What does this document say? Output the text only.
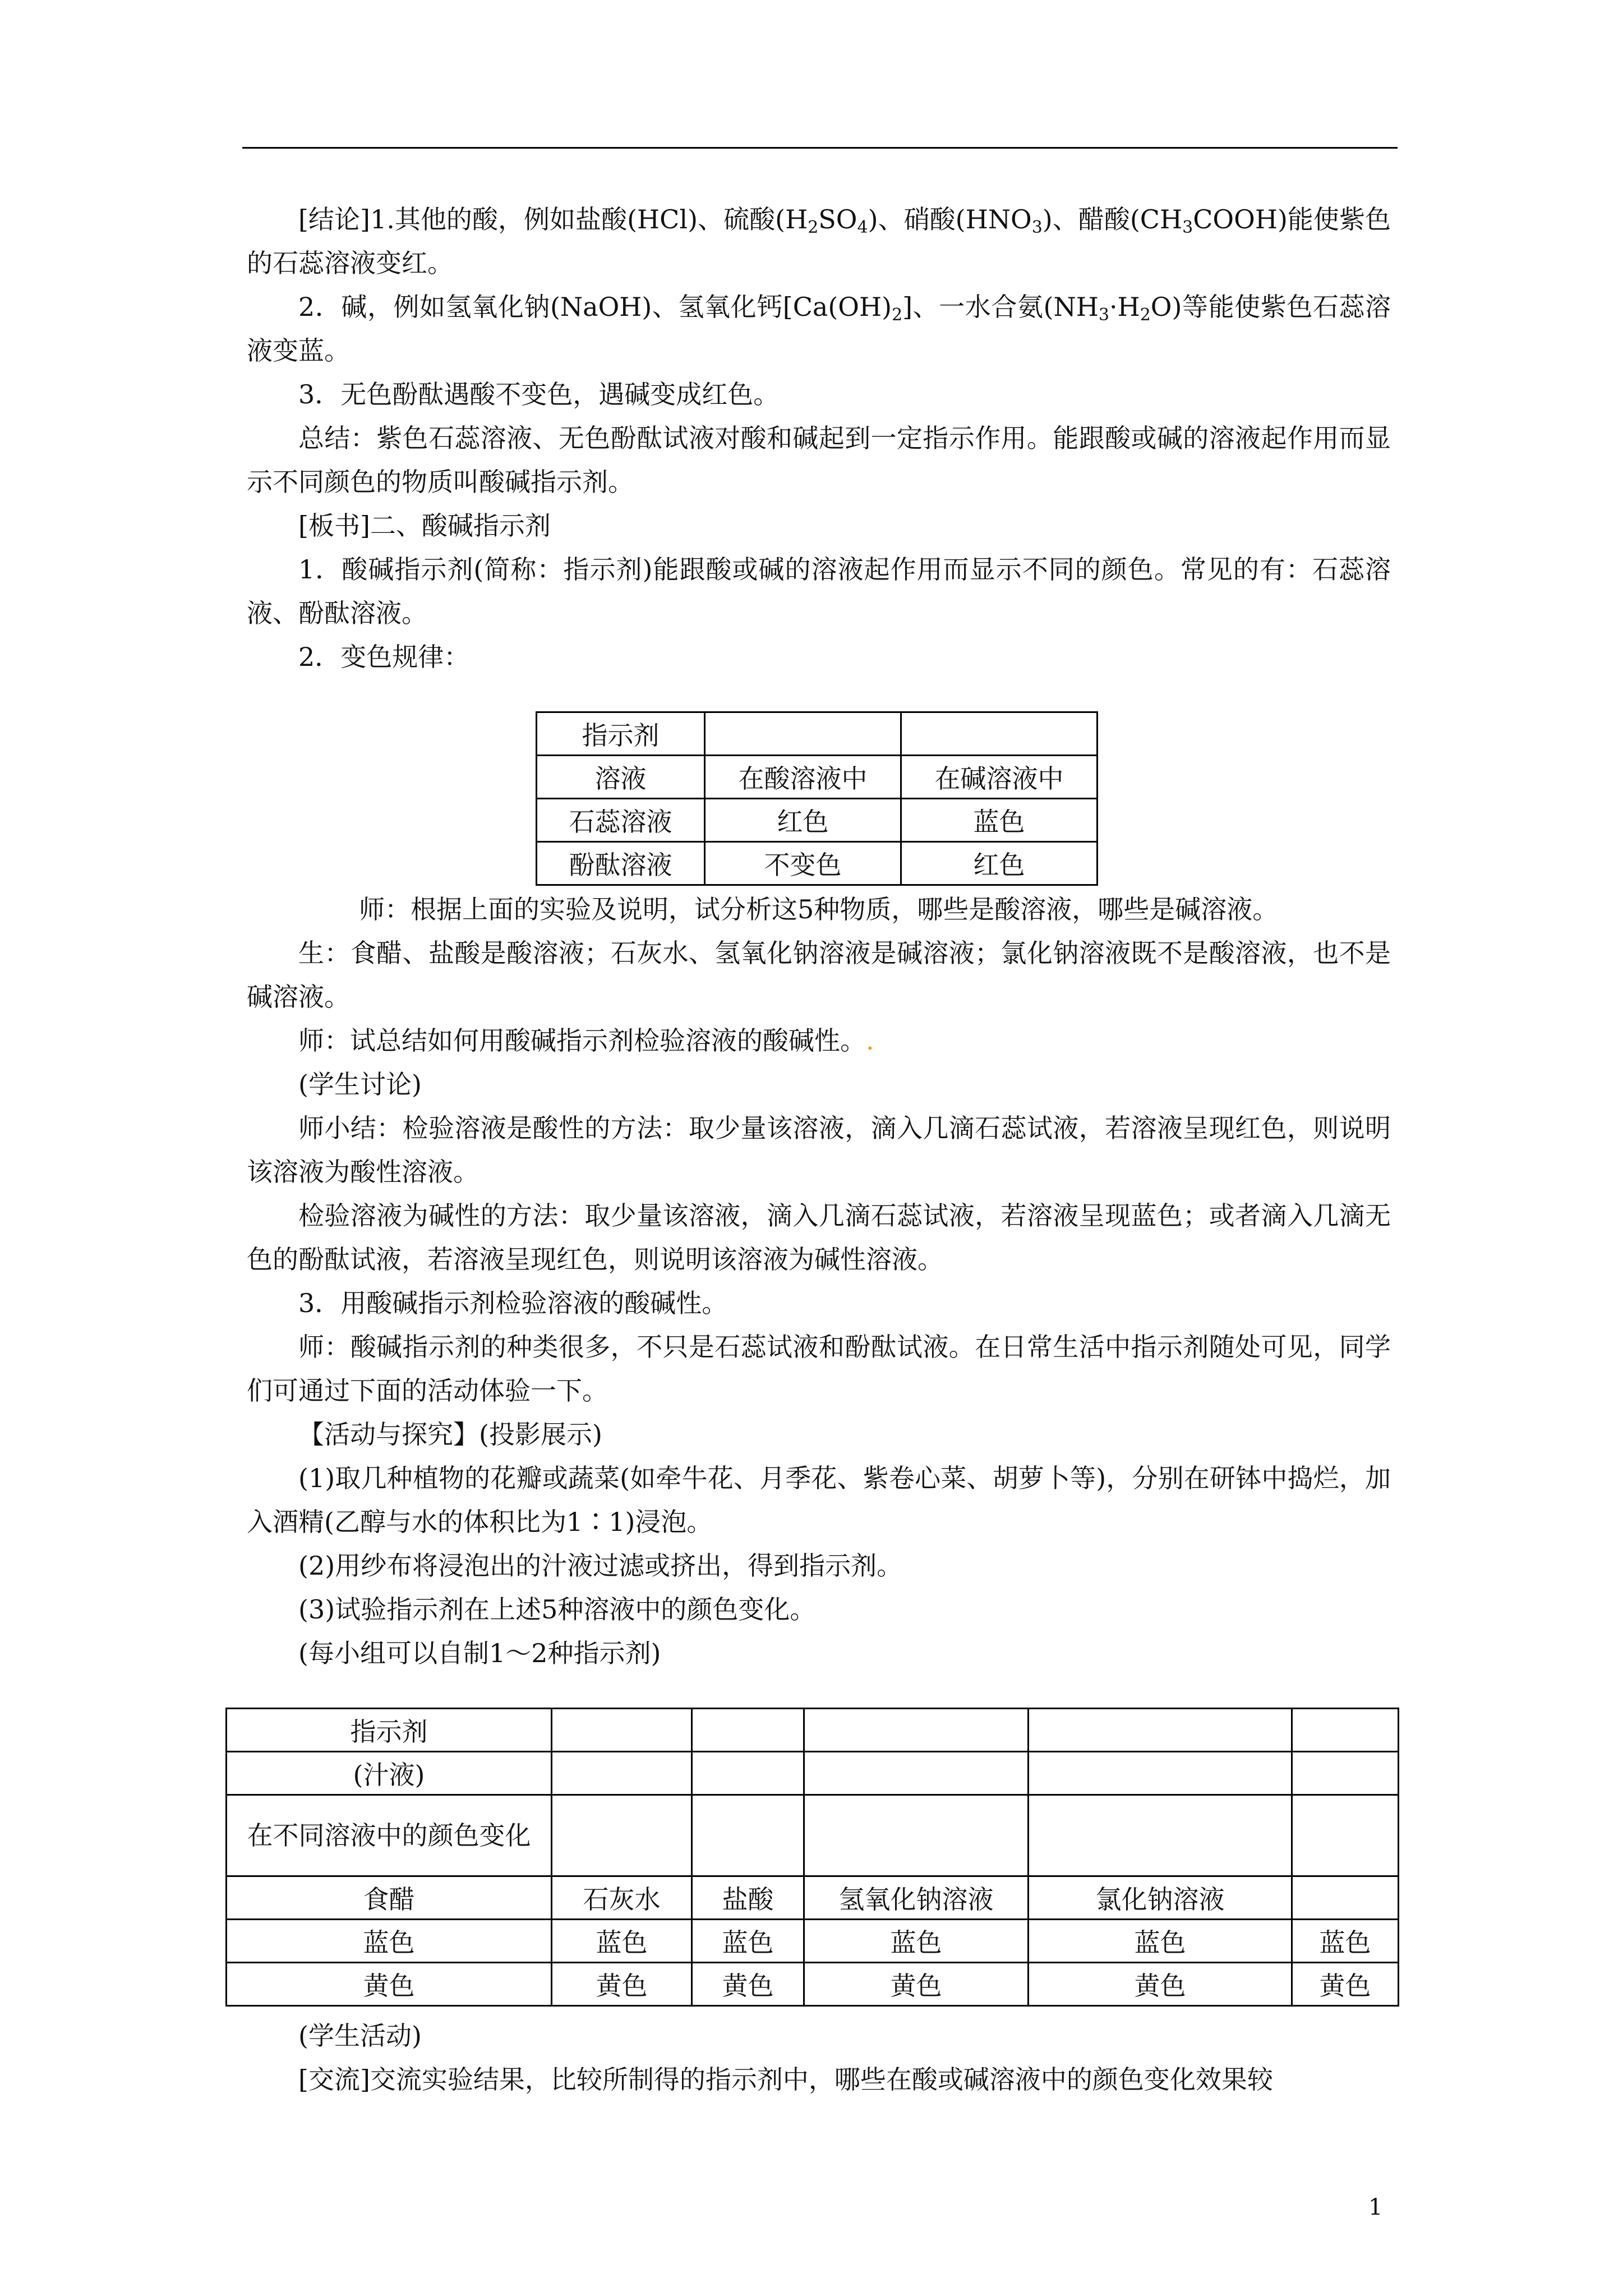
[结论]1.其他的酸，例如盐酸(HCl)、硫酸$(H_2SO_4)$、硝酸$(HNO_3)$、醋酸$(CH_3COOH)$能使紫色的石蕊溶液变红。

2．碱，例如氢氧化钠(NaOH)、氢氧化钙$[Ca(OH)_2]$、一水合氨$(NH_3\cdot H_2O)$等能使紫色石蕊溶液变蓝。

3．无色酚酞遇酸不变色，遇碱变成红色。

总结：紫色石蕊溶液、无色酚酞试液对酸和碱起到一定指示作用。能跟酸或碱的溶液起作用而显示不同颜色的物质叫酸碱指示剂。

[板书]二、酸碱指示剂

1．酸碱指示剂(简称：指示剂)能跟酸或碱的溶液起作用而显示不同的颜色。常见的有：石蕊溶液、酚酞溶液。

2．变色规律：

指示剂		
溶液	在酸溶液中	在碱溶液中
石蕊溶液	红色	蓝色
酚酞溶液	不变色	红色

师：根据上面的实验及说明，试分析这5种物质，哪些是酸溶液，哪些是碱溶液。

生：食醋、盐酸是酸溶液；石灰水、氢氧化钠溶液是碱溶液；氯化钠溶液既不是酸溶液，也不是碱溶液。

师：试总结如何用酸碱指示剂检验溶液的酸碱性。.

(学生讨论)

师小结：检验溶液是酸性的方法：取少量该溶液，滴入几滴石蕊试液，若溶液呈现红色，则说明该溶液为酸性溶液。

检验溶液为碱性的方法：取少量该溶液，滴入几滴石蕊试液，若溶液呈现蓝色；或者滴入几滴无色的酚酞试液，若溶液呈现红色，则说明该溶液为碱性溶液。

3．用酸碱指示剂检验溶液的酸碱性。

师：酸碱指示剂的种类很多，不只是石蕊试液和酚酞试液。在日常生活中指示剂随处可见，同学们可通过下面的活动体验一下。

【活动与探究】(投影展示)

(1)取几种植物的花瓣或蔬菜(如牵牛花、月季花、紫卷心菜、胡萝卜等)，分别在研钵中捣烂，加入酒精(乙醇与水的体积比为1∶1)浸泡。

(2)用纱布将浸泡出的汁液过滤或挤出，得到指示剂。

(3)试验指示剂在上述5种溶液中的颜色变化。

(每小组可以自制1～2种指示剂)

指示剂					
(汁液)					
在不同溶液中的颜色变化					
食醋	石灰水	盐酸	氢氧化钠溶液	氯化钠溶液	
蓝色	蓝色	蓝色	蓝色	蓝色	蓝色
黄色	黄色	黄色	黄色	黄色	黄色

(学生活动)

[交流]交流实验结果，比较所制得的指示剂中，哪些在酸或碱溶液中的颜色变化效果较

1
